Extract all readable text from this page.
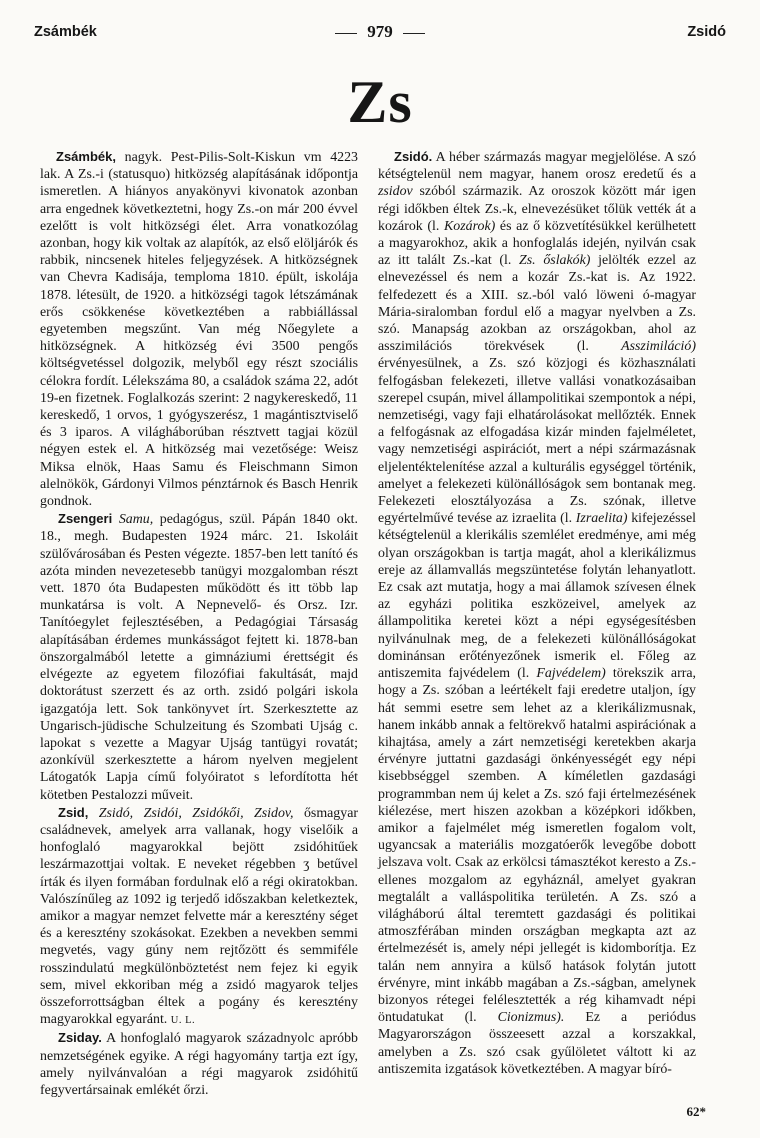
Zsámbék	979	Zsidó
Zs

Zsámbék, nagyk. Pest-Pilis-Solt-Kiskun vm 4223 lak. A Zs.-i (statusquo) hitközség alapításának időpontja ismeretlen. A hiányos anyakönyvi kivonatok azonban arra engednek következtetni, hogy Zs.-on már 200 évvel ezelőtt is volt hitközségi élet. Arra vonatkozólag azonban, hogy kik voltak az alapítók, az első elöljárók és rabbik, nincsenek hiteles feljegyzések. A hitközségnek van Chevra Kadisája, temploma 1810. épült, iskolája 1878. létesült, de 1920. a hitközségi tagok létszámának erős csökkenése következtében a rabbiállással egyetemben megszűnt. Van még Nőegylete a hitközségnek. A hitközség évi 3500 pengős költségvetéssel dolgozik, melyből egy részt szociális célokra fordít. Lélekszáma 80, a családok száma 22, adót 19-en fizetnek. Foglalkozás szerint: 2 nagykereskedő, 11 kereskedő, 1 orvos, 1 gyógyszerész, 1 magántisztviselő és 3 iparos. A világháborúban résztvett tagjai közül négyen estek el. A hitközség mai vezetősége: Weisz Miksa elnök, Haas Samu és Fleischmann Simon alelnökök, Gárdonyi Vilmos pénztárnok és Basch Henrik gondnok.

Zsengeri Samu, pedagógus, szül. Pápán 1840 okt. 18., megh. Budapesten 1924 márc. 21. Iskoláit szülővárosában és Pesten végezte. 1857-ben lett tanító és azóta minden nevezetesebb tanügyi mozgalomban részt vett. 1870 óta Budapesten működött és itt több lap munkatársa is volt. A Nepnevelő- és Orsz. Izr. Tanítóegylet fejlesztésében, a Pedagógiai Társaság alapításában érdemes munkásságot fejtett ki. 1878-ban önszorgalmából letette a gimnáziumi érettségit és elvégezte az egyetem filozófiai fakultását, majd doktorátust szerzett és az orth. zsidó polgári iskola igazgatója lett. Sok tankönyvet írt. Szerkesztette az Ungarisch-jüdische Schulzeitung és Szombati Ujság c. lapokat s vezette a Magyar Ujság tantügyi rovatát; azonkívül szerkesztette a három nyelven megjelent Látogatók Lapja című folyóiratot s lefordította hét kötetben Pestalozzi műveit.

Zsid, Zsidó, Zsidói, Zsidókői, Zsidov, ősmagyar családnevek, amelyek arra vallanak, hogy viselőik a honfoglaló magyarokkal bejött zsidóhitűek leszármazottjai voltak. E neveket régebben ʒ betűvel írták és ilyen formában fordulnak elő a régi okiratokban. Valószínűleg az 1092 ig terjedő időszakban keletkeztek, amikor a magyar nemzet felvette már a keresztény séget és a keresztény szokásokat. Ezekben a nevekben semmi megvetés, vagy gúny nem rejtőzött és semmiféle rosszindulatú megkülönböztetést nem fejez ki egyik sem, mivel ekkoriban még a zsidó magyarok teljes összeforrottságban éltek a pogány és keresztény magyarokkal egyaránt. U. L.

Zsiday. A honfoglaló magyarok századnyolc apróbb nemzetségének egyike. A régi hagyomány tartja ezt így, amely nyilvánvalóan a régi magyarok zsidóhitű fegyvertársainak emlékét őrzi.

Zsidó. A héber származás magyar megjelölése. A szó kétségtelenül nem magyar, hanem orosz eredetű és a zsidov szóból származik. Az oroszok között már igen régi időkben éltek Zs.-k, elnevezésüket tőlük vették át a kozárok (l. Kozárok) és az ő közvetítésükkel kerülhetett a magyarokhoz, akik a honfoglalás idején, nyilván csak az itt talált Zs.-kat (l. Zs. őslakók) jelölték ezzel az elnevezéssel és nem a kozár Zs.-kat is. Az 1922. felfedezett és a XIII. sz.-ból való löweni ó-magyar Mária-siralomban fordul elő a magyar nyelvben a Zs. szó. Manapság azokban az országokban, ahol az asszimilációs törekvések (l. Asszimiláció) érvényesülnek, a Zs. szó közjogi és közhasználati felfogásban felekezeti, illetve vallási vonatkozásaiban szerepel csupán, mivel állampolitikai szempontok a népi, nemzetiségi, vagy faji elhatárolásokat mellőzték. Ennek a felfogásnak az elfogadása kizár minden fajelméletet, vagy nemzetiségi aspirációt, mert a népi származásnak eljelentéktelenítése azzal a kulturális egységgel történik, amelyet a felekezeti különállóságok sem bontanak meg. Felekezeti elosztályozása a Zs. szónak, illetve egyértelművé tevése az izraelita (l. Izraelita) kifejezéssel kétségtelenül a klerikális szemlélet eredménye, ami még olyan országokban is tartja magát, ahol a klerikálizmus ereje az államvallás megszüntetése folytán lehanyatlott. Ez csak azt mutatja, hogy a mai államok szívesen élnek az egyházi politika eszközeivel, amelyek az állampolitika keretei közt a népi egységesítésben nyilvánulnak meg, de a felekezeti különállóságokat dominánsan erőtényezőnek ismerik el. Főleg az antiszemita fajvédelem (l. Fajvédelem) törekszik arra, hogy a Zs. szóban a leértékelt faji eredetre utaljon, így hát semmi esetre sem lehet az a klerikálizmusnak, hanem inkább annak a feltörekvő hatalmi aspirációnak a kihajtása, amely a zárt nemzetiségi keretekben akarja érvényre juttatni gazdasági önkényességét egy népi kisebbséggel szemben. A kíméletlen gazdasági programmban nem új kelet a Zs. szó faji értelmezésének kiélezése, mert hiszen azokban a középkori időkben, amikor a fajelmélet még ismeretlen fogalom volt, ugyancsak a materiális mozgatóerők levegőbe dobott jelszava volt. Csak az erkölcsi támasztékot keresto a Zs.-ellenes mozgalom az egyháznál, amelyet gyakran megtalált a valláspolitika területén. A Zs. szó a világháború által teremtett gazdasági és politikai atmoszférában minden országban megkapta azt az értelmezését is, amely népi jellegét is kidomborítja. Ez talán nem annyira a külső hatások folytán jutott érvényre, mint inkább magában a Zs.-ságban, amelynek bizonyos rétegei felélesztették a rég kihamvadt népi öntudatukat (l. Cionizmus). Ez a periódus Magyarországon összeesett azzal a korszakkal, amelyben a Zs. szó csak gyűlöletet váltott ki az antiszemita izgatások következtében. A magyar bíró-

62*
